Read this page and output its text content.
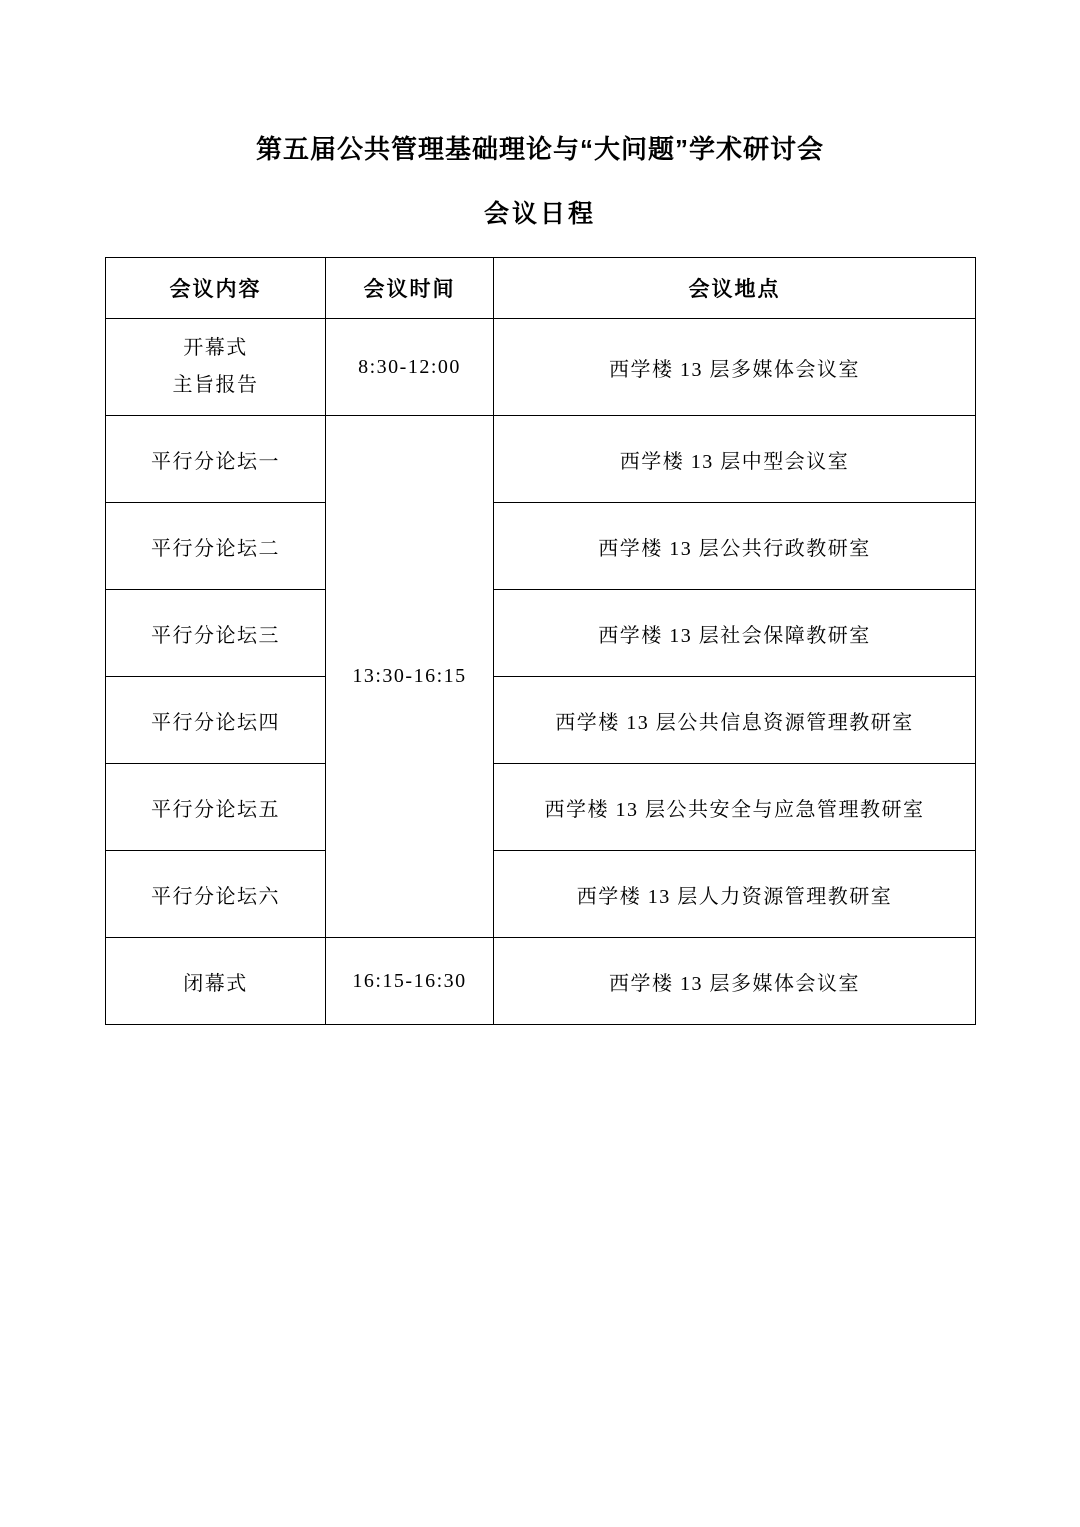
第五届公共管理基础理论与“大问题”学术研讨会
会议日程
会议内容	会议时间	会议地点

开幕式
主旨报告	8:30-12:00	西学楼 13 层多媒体会议室
平行分论坛一	13:30-16:15	西学楼 13 层中型会议室
平行分论坛二		西学楼 13 层公共行政教研室
平行分论坛三		西学楼 13 层社会保障教研室
平行分论坛四		西学楼 13 层公共信息资源管理教研室
平行分论坛五		西学楼 13 层公共安全与应急管理教研室
平行分论坛六		西学楼 13 层人力资源管理教研室
闭幕式	16:15-16:30	西学楼 13 层多媒体会议室
